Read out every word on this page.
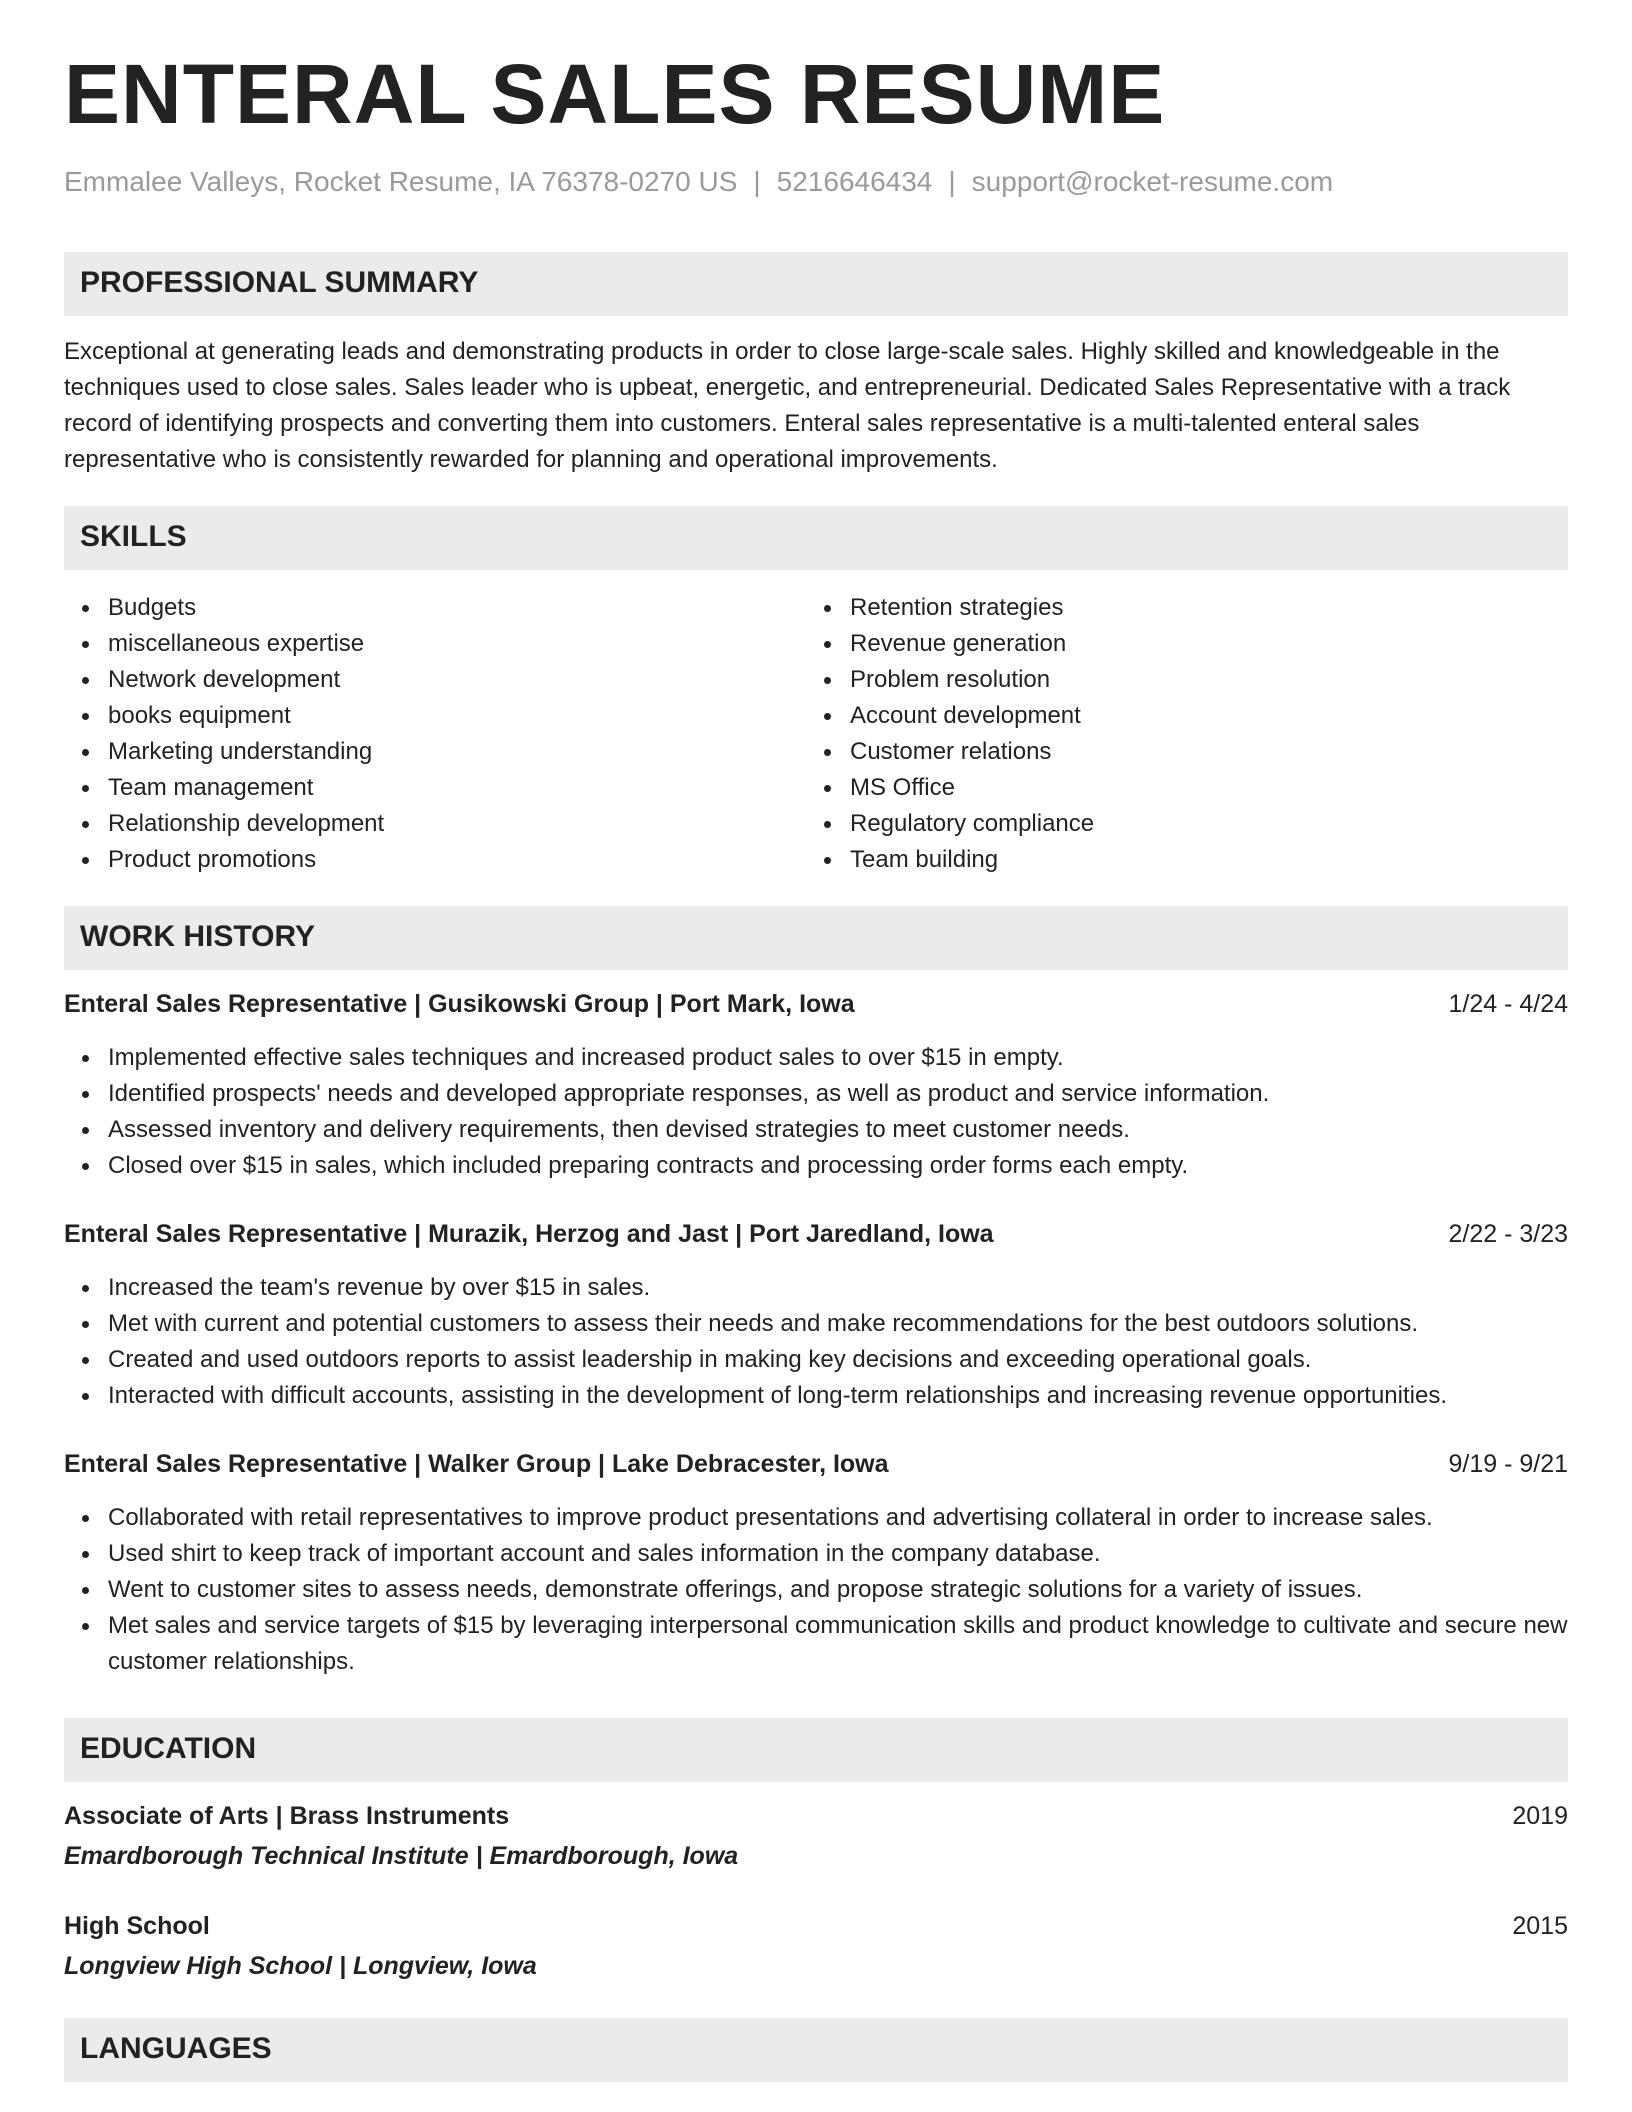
ENTERAL SALES RESUME
Emmalee Valleys, Rocket Resume, IA 76378-0270 US | 5216646434 | support@rocket-resume.com
PROFESSIONAL SUMMARY

Exceptional at generating leads and demonstrating products in order to close large-scale sales. Highly skilled and knowledgeable in the techniques used to close sales. Sales leader who is upbeat, energetic, and entrepreneurial. Dedicated Sales Representative with a track record of identifying prospects and converting them into customers. Enteral sales representative is a multi-talented enteral sales representative who is consistently rewarded for planning and operational improvements.

SKILLS
Budgets
miscellaneous expertise
Network development
books equipment
Marketing understanding
Team management
Relationship development
Product promotions
Retention strategies
Revenue generation
Problem resolution
Account development
Customer relations
MS Office
Regulatory compliance
Team building
WORK HISTORY
Enteral Sales Representative | Gusikowski Group | Port Mark, Iowa	1/24 - 4/24
Implemented effective sales techniques and increased product sales to over $15 in empty.
Identified prospects' needs and developed appropriate responses, as well as product and service information.
Assessed inventory and delivery requirements, then devised strategies to meet customer needs.
Closed over $15 in sales, which included preparing contracts and processing order forms each empty.
Enteral Sales Representative | Murazik, Herzog and Jast | Port Jaredland, Iowa	2/22 - 3/23
Increased the team's revenue by over $15 in sales.
Met with current and potential customers to assess their needs and make recommendations for the best outdoors solutions.
Created and used outdoors reports to assist leadership in making key decisions and exceeding operational goals.
Interacted with difficult accounts, assisting in the development of long-term relationships and increasing revenue opportunities.
Enteral Sales Representative | Walker Group | Lake Debracester, Iowa	9/19 - 9/21
Collaborated with retail representatives to improve product presentations and advertising collateral in order to increase sales.
Used shirt to keep track of important account and sales information in the company database.
Went to customer sites to assess needs, demonstrate offerings, and propose strategic solutions for a variety of issues.
Met sales and service targets of $15 by leveraging interpersonal communication skills and product knowledge to cultivate and secure new customer relationships.
EDUCATION
Associate of Arts | Brass Instruments	2019
Emardborough Technical Institute | Emardborough, Iowa
High School	2015
Longview High School | Longview, Iowa
LANGUAGES
